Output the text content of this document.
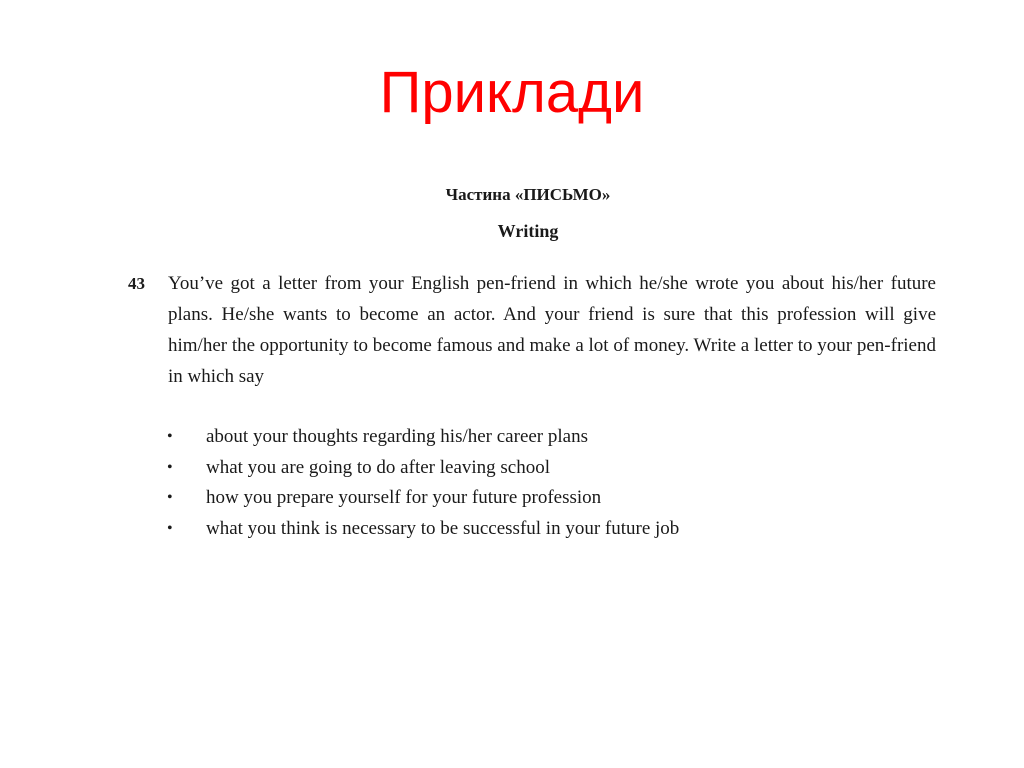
Приклади
Частина «ПИСЬМО»
Writing
43 You’ve got a letter from your English pen-friend in which he/she wrote you about his/her future plans. He/she wants to become an actor. And your friend is sure that this profession will give him/her the opportunity to become famous and make a lot of money. Write a letter to your pen-friend in which say
• about your thoughts regarding his/her career plans
• what you are going to do after leaving school
• how you prepare yourself for your future profession
• what you think is necessary to be successful in your future job
